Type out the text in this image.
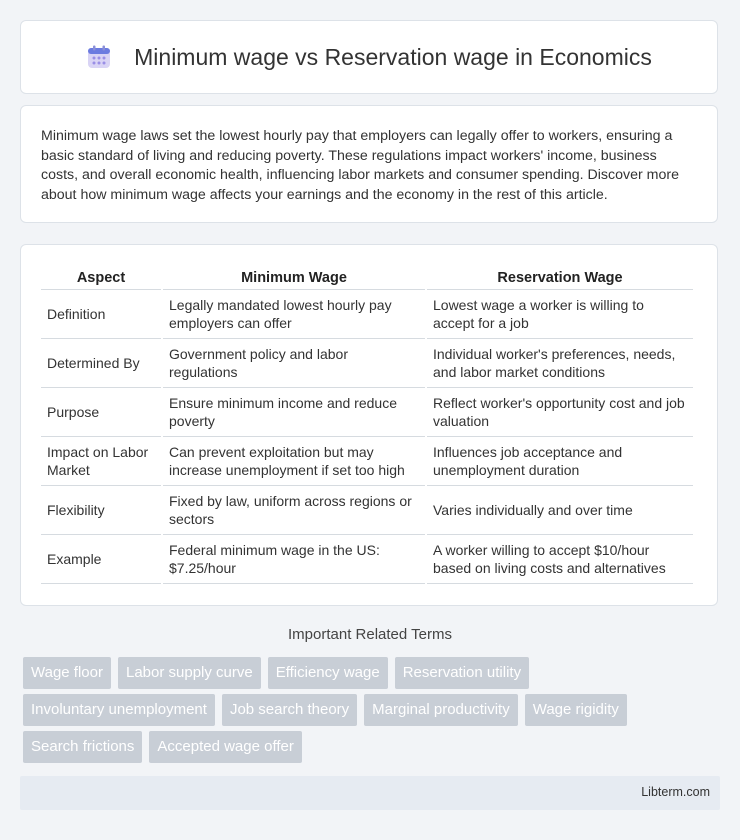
Minimum wage vs Reservation wage in Economics

Minimum wage laws set the lowest hourly pay that employers can legally offer to workers, ensuring a basic standard of living and reducing poverty. These regulations impact workers' income, business costs, and overall economic health, influencing labor markets and consumer spending. Discover more about how minimum wage affects your earnings and the economy in the rest of this article.

Aspect	Minimum Wage	Reservation Wage
Definition	Legally mandated lowest hourly pay employers can offer	Lowest wage a worker is willing to accept for a job
Determined By	Government policy and labor regulations	Individual worker's preferences, needs, and labor market conditions
Purpose	Ensure minimum income and reduce poverty	Reflect worker's opportunity cost and job valuation
Impact on Labor Market	Can prevent exploitation but may increase unemployment if set too high	Influences job acceptance and unemployment duration
Flexibility	Fixed by law, uniform across regions or sectors	Varies individually and over time
Example	Federal minimum wage in the US: $7.25/hour	A worker willing to accept $10/hour based on living costs and alternatives
Important Related Terms
Wage floor	Labor supply curve	Efficiency wage	Reservation utility
Involuntary unemployment	Job search theory	Marginal productivity	Wage rigidity
Search frictions	Accepted wage offer
Libterm.com
